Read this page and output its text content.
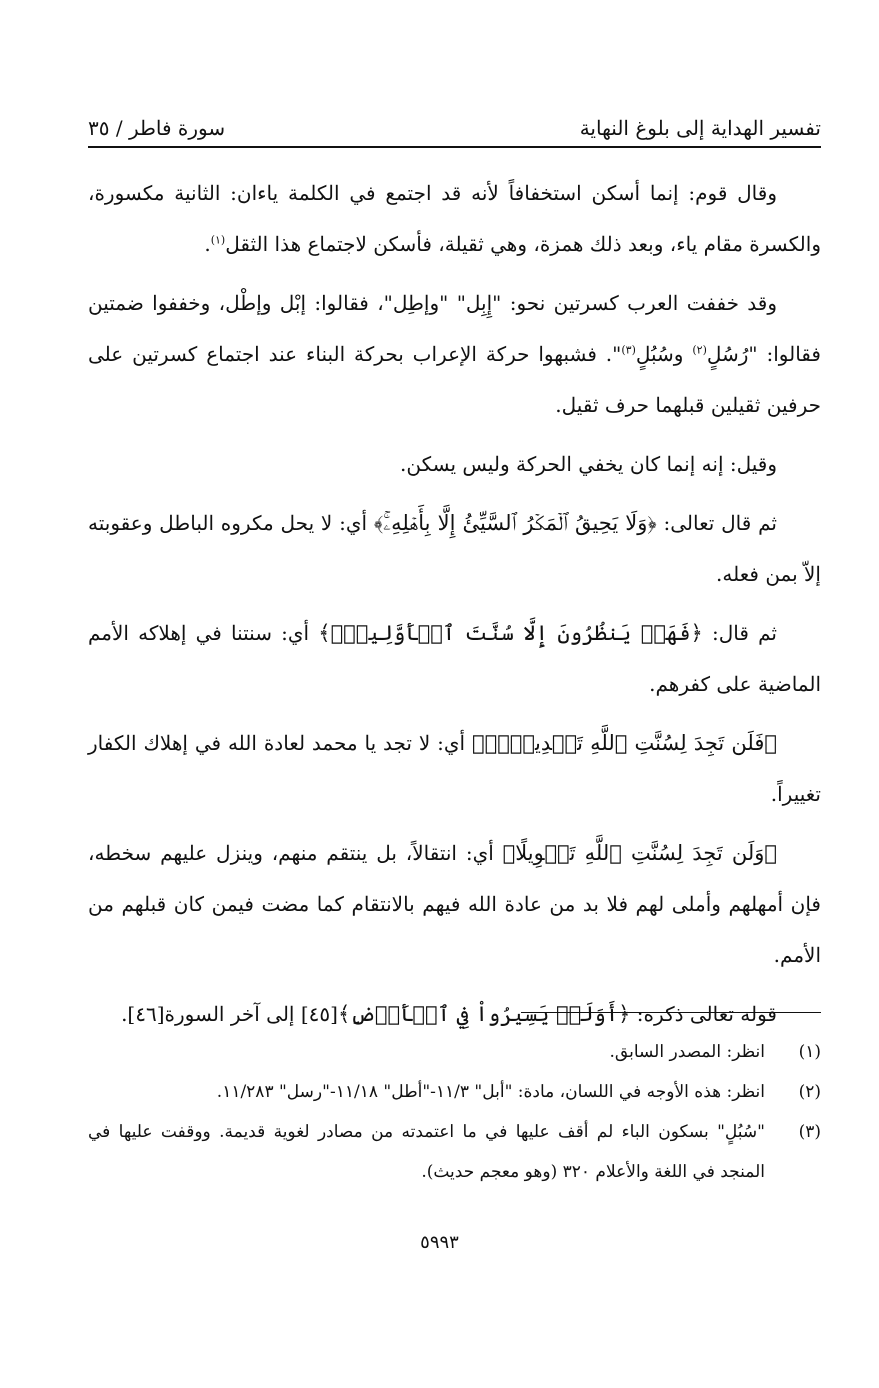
تفسير الهداية إلى بلوغ النهاية
سورة فاطر / ٣٥

وقال قوم: إنما أسكن استخفافاً لأنه قد اجتمع في الكلمة ياءان: الثانية مكسورة، والكسرة مقام ياء، وبعد ذلك همزة، وهي ثقيلة، فأسكن لاجتماع هذا الثقل$^{(١)}$.

وقد خففت العرب كسرتين نحو: "إِبِل" "وإطِل"، فقالوا: إبْل وإطْل، وخففوا ضمتين فقالوا: "رُسُلٍ$^{(٢)}$ وسُبُلٍ$^{(٣)}$". فشبهوا حركة الإعراب بحركة البناء عند اجتماع كسرتين على حرفين ثقيلين قبلهما حرف ثقيل.

وقيل: إنه إنما كان يخفي الحركة وليس يسكن.

ثم قال تعالى: ﴿وَلَا يَحِيقُ ٱلۡمَكۡرُ ٱلسَّيِّئُ إِلَّا بِأَهۡلِهِۦۚ﴾ أي: لا يحل مكروه الباطل وعقوبته إلاّ بمن فعله.

ثم قال: ﴿فَهَلۡ يَنظُرُونَ إِلَّا سُنَّتَ ٱلۡأَوَّلِينَۚ﴾ أي: سنتنا في إهلاكه الأمم الماضية على كفرهم.

﴿فَلَن تَجِدَ لِسُنَّتِ ٱللَّهِ تَبۡدِيلٗاۖ﴾ أي: لا تجد يا محمد لعادة الله في إهلاك الكفار تغييراً.

﴿وَلَن تَجِدَ لِسُنَّتِ ٱللَّهِ تَحۡوِيلًا﴾ أي: انتقالاً، بل ينتقم منهم، وينزل عليهم سخطه، فإن أمهلهم وأملى لهم فلا بد من عادة الله فيهم بالانتقام كما مضت فيمن كان قبلهم من الأمم.

قوله تعالى ذكره: ﴿أَوَلَمۡ يَسِيرُواْ فِي ٱلۡأَرۡضِ﴾[٤٥] إلى آخر السورة[٤٦].

(١)
انظر: المصدر السابق.
(٢)
انظر: هذه الأوجه في اللسان، مادة: "أبل" ١١/٣-"أطل" ١١/١٨-"رسل" ١١/٢٨٣.
(٣)
"سُبُلٍ" بسكون الباء لم أقف عليها في ما اعتمدته من مصادر لغوية قديمة. ووقفت عليها في المنجد في اللغة والأعلام ٣٢٠ (وهو معجم حديث).
٥٩٩٣
